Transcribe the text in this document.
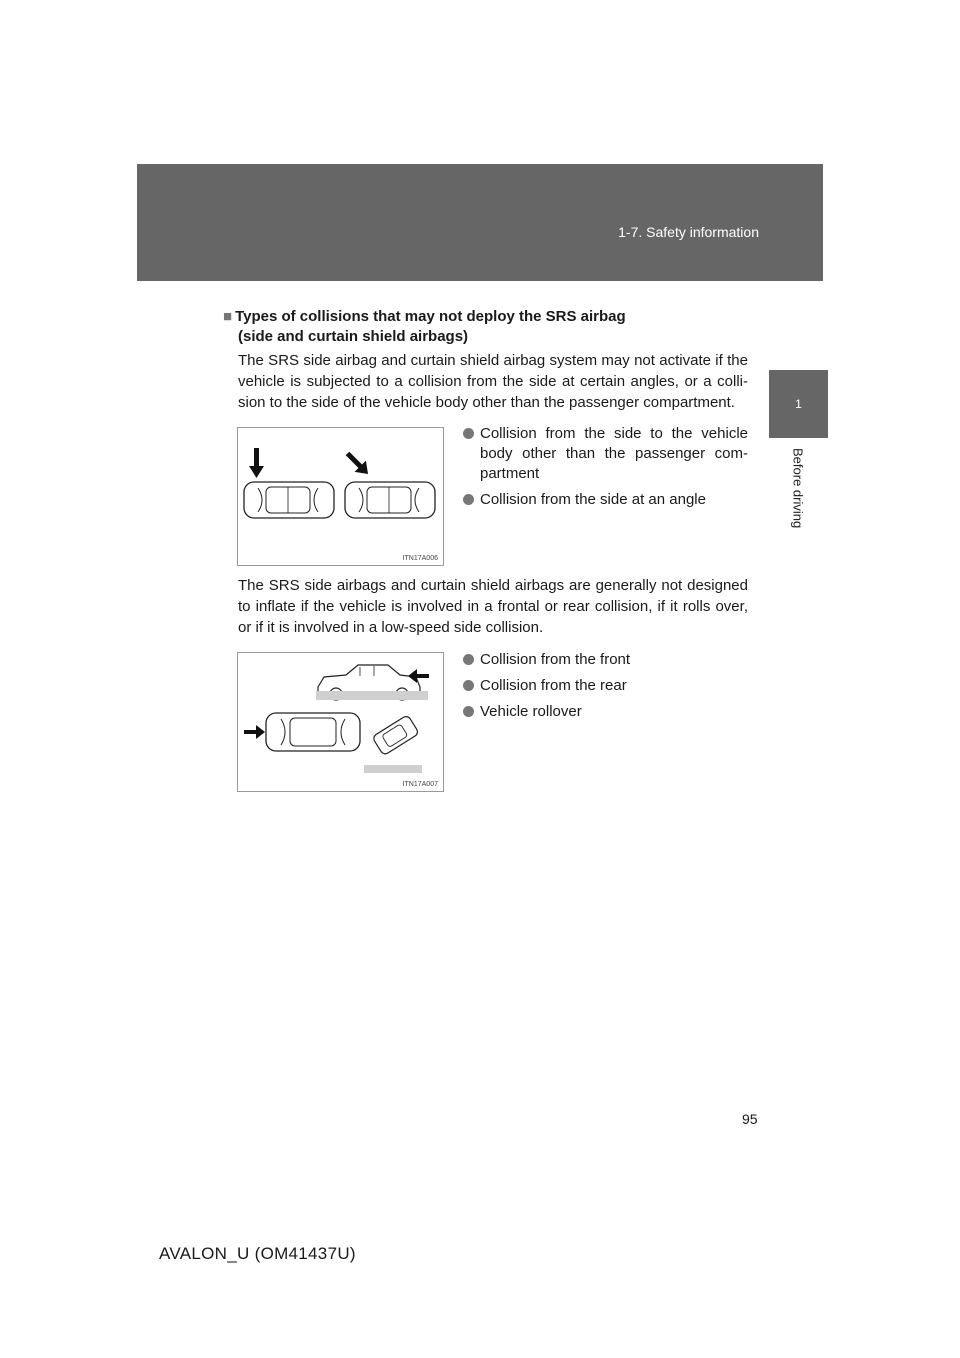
1-7. Safety information
1
Before driving
■ Types of collisions that may not deploy the SRS airbag
(side and curtain shield airbags)
The SRS side airbag and curtain shield airbag system may not activate if the vehicle is subjected to a collision from the side at certain angles, or a colli-sion to the side of the vehicle body other than the passenger compartment.
ITN17A006
Collision from the side to the vehicle body other than the passenger com-partment
Collision from the side at an angle
The SRS side airbags and curtain shield airbags are generally not designed to inflate if the vehicle is involved in a frontal or rear collision, if it rolls over, or if it is involved in a low-speed side collision.
ITN17A007
Collision from the front
Collision from the rear
Vehicle rollover
95
AVALON_U (OM41437U)
